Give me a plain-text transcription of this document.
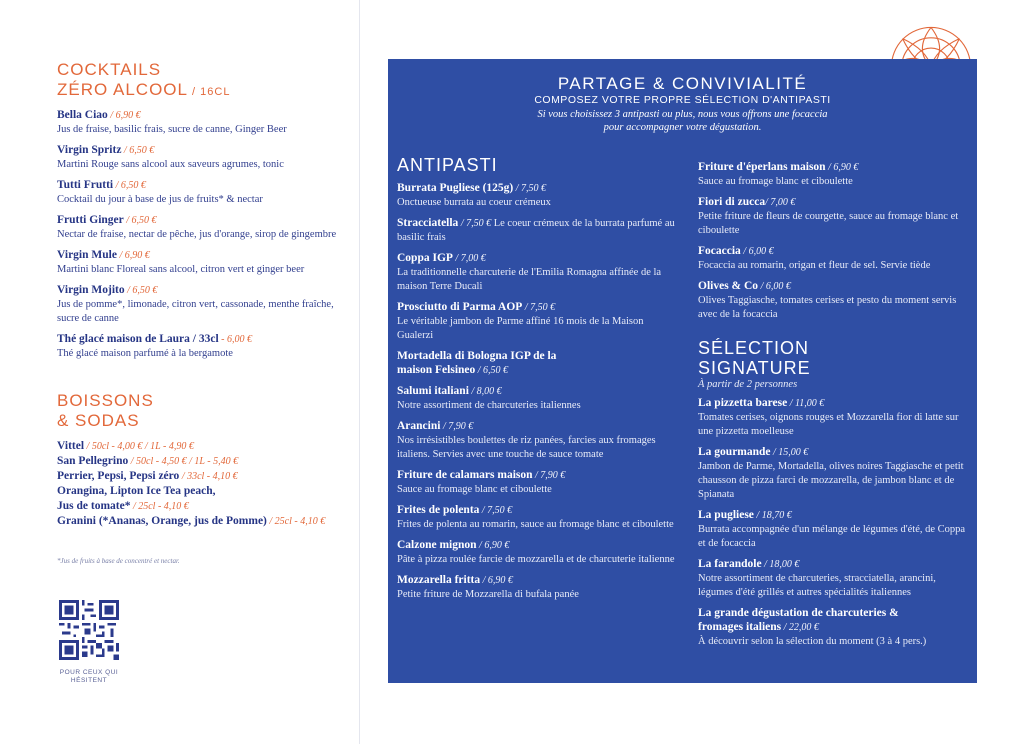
COCKTAILS
ZÉRO ALCOOL / 16CL
Bella Ciao / 6,90 €
Jus de fraise, basilic frais, sucre de canne, Ginger Beer
Virgin Spritz / 6,50 €
Martini Rouge sans alcool aux saveurs agrumes, tonic
Tutti Frutti / 6,50 €
Cocktail du jour à base de jus de fruits* & nectar
Frutti Ginger / 6,50 €
Nectar de fraise, nectar de pêche, jus d'orange, sirop de gingembre
Virgin Mule / 6,90 €
Martini blanc Floreal sans alcool, citron vert et ginger beer
Virgin Mojito / 6,50 €
Jus de pomme*, limonade, citron vert, cassonade, menthe fraîche, sucre de canne
Thé glacé maison de Laura / 33cl - 6,00 €
Thé glacé maison parfumé à la bergamote
BOISSONS
& SODAS
Vittel / 50cl - 4,00 € / 1L - 4,90 €
San Pellegrino / 50cl - 4,50 € / 1L - 5,40 €
Perrier, Pepsi, Pepsi zéro / 33cl - 4,10 €
Orangina, Lipton Ice Tea peach,
Jus de tomate* / 25cl - 4,10 €
Granini (*Ananas, Orange, jus de Pomme) / 25cl - 4,10 €
*Jus de fruits à base de concentré et nectar.
POUR CEUX QUI
HÉSITENT
PARTAGE & CONVIVIALITÉ
COMPOSEZ VOTRE PROPRE SÉLECTION D'ANTIPASTI
Si vous choisissez 3 antipasti ou plus, nous vous offrons une focaccia
pour accompagner votre dégustation.
ANTIPASTI
Burrata Pugliese (125g) / 7,50 €
Onctueuse burrata au coeur crémeux
Stracciatella / 7,50 € Le coeur crémeux de la burrata parfumé au basilic frais
Coppa IGP / 7,00 €
La traditionnelle charcuterie de l'Emilia Romagna affinée de la maison Terre Ducali
Prosciutto di Parma AOP / 7,50 €
Le véritable jambon de Parme affiné 16 mois de la Maison Gualerzi
Mortadella di Bologna IGP de la maison Felsineo / 6,50 €
Salumi italiani / 8,00 €
Notre assortiment de charcuteries italiennes
Arancini / 7,90 €
Nos irrésistibles boulettes de riz panées, farcies aux fromages italiens. Servies avec une touche de sauce tomate
Friture de calamars maison / 7,90 €
Sauce au fromage blanc et ciboulette
Frites de polenta / 7,50 €
Frites de polenta au romarin, sauce au fromage blanc et ciboulette
Calzone mignon / 6,90 €
Pâte à pizza roulée farcie de mozzarella et de charcuterie italienne
Mozzarella fritta / 6,90 €
Petite friture de Mozzarella di bufala panée
Friture d'éperlans maison / 6,90 €
Sauce au fromage blanc et ciboulette
Fiori di zucca/ 7,00 €
Petite friture de fleurs de courgette, sauce au fromage blanc et ciboulette
Focaccia / 6,00 €
Focaccia au romarin, origan et fleur de sel. Servie tiède
Olives & Co / 6,00 €
Olives Taggiasche, tomates cerises et pesto du moment servis avec de la focaccia
SÉLECTION
SIGNATURE
À partir de 2 personnes
La pizzetta barese / 11,00 €
Tomates cerises, oignons rouges et Mozzarella fior di latte sur une pizzetta moelleuse
La gourmande / 15,00 €
Jambon de Parme, Mortadella, olives noires Taggiasche et petit chausson de pizza farci de mozzarella, de jambon blanc et de Spianata
La pugliese / 18,70 €
Burrata accompagnée d'un mélange de légumes d'été, de Coppa et de focaccia
La farandole / 18,00 €
Notre assortiment de charcuteries, stracciatella, arancini, légumes d'été grillés et autres spécialités italiennes
La grande dégustation de charcuteries & fromages italiens / 22,00 €
À découvrir selon la sélection du moment (3 à 4 pers.)
